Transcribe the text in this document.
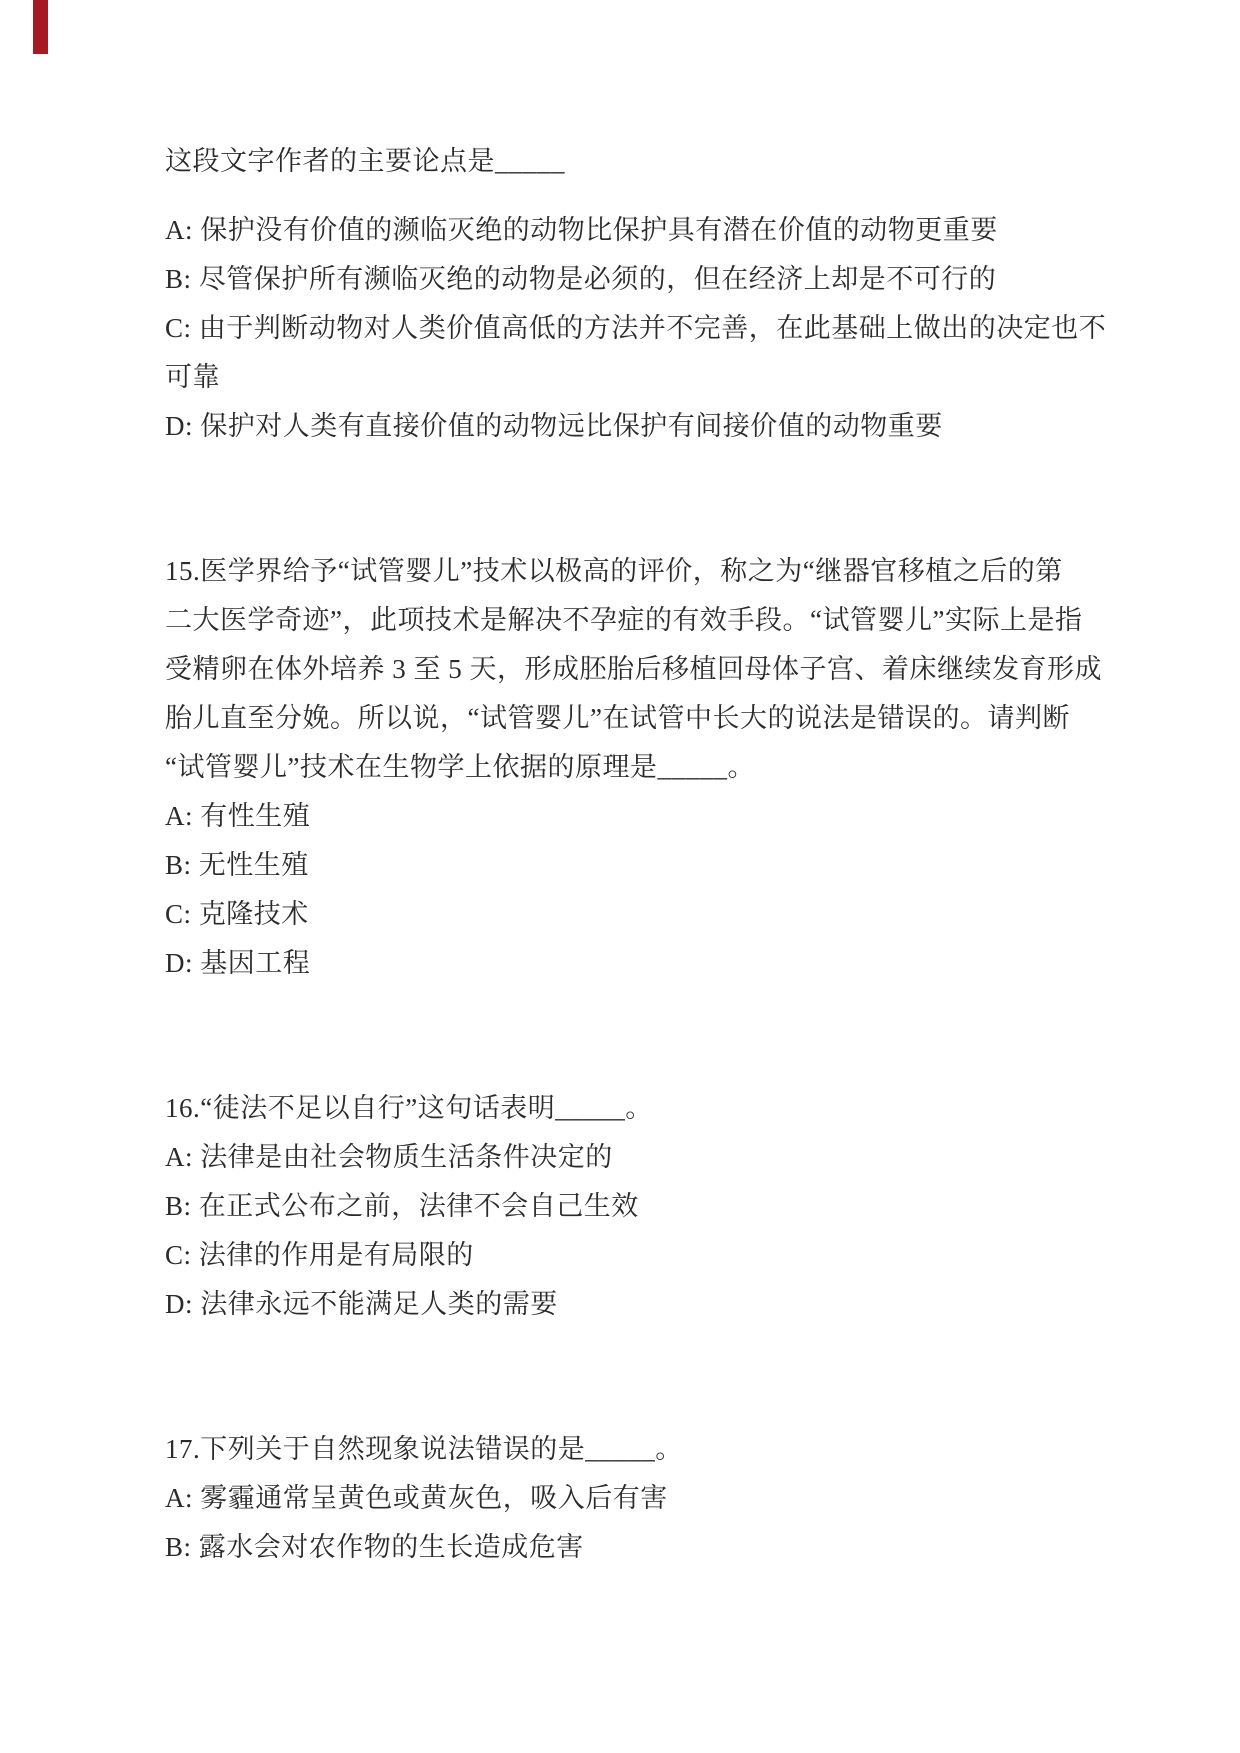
这段文字作者的主要论点是_____
A: 保护没有价值的濒临灭绝的动物比保护具有潜在价值的动物更重要
B: 尽管保护所有濒临灭绝的动物是必须的，但在经济上却是不可行的
C: 由于判断动物对人类价值高低的方法并不完善，在此基础上做出的决定也不
可靠
D: 保护对人类有直接价值的动物远比保护有间接价值的动物重要
15.医学界给予“试管婴儿”技术以极高的评价，称之为“继器官移植之后的第
二大医学奇迹”，此项技术是解决不孕症的有效手段。“试管婴儿”实际上是指
受精卵在体外培养 3 至 5 天，形成胚胎后移植回母体子宫、着床继续发育形成
胎儿直至分娩。所以说，“试管婴儿”在试管中长大的说法是错误的。请判断
“试管婴儿”技术在生物学上依据的原理是_____。
A: 有性生殖
B: 无性生殖
C: 克隆技术
D: 基因工程
16.“徒法不足以自行”这句话表明_____。
A: 法律是由社会物质生活条件决定的
B: 在正式公布之前，法律不会自己生效
C: 法律的作用是有局限的
D: 法律永远不能满足人类的需要
17.下列关于自然现象说法错误的是_____。
A: 雾霾通常呈黄色或黄灰色，吸入后有害
B: 露水会对农作物的生长造成危害
